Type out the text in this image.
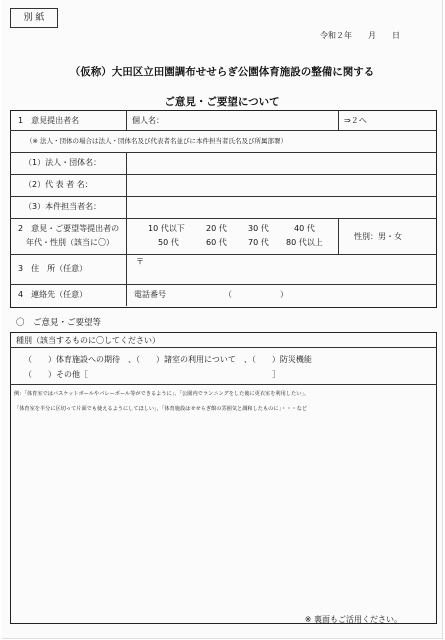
別 紙
令和２年　　月　　日
（仮称）大田区立田園調布せせらぎ公園体育施設の整備に関する
ご意見・ご要望について
1　意見提出者名	個人名：	⇒２へ
（※ 法人・団体の場合は法人・団体名及び代表者名並びに本件担当者氏名及び所属部署）
（1）法人・団体名：
（2）代 表 者 名：
（3）本件担当者名：
2　意見・ご要望等提出者の
年代・性別（該当に〇）
10 代以下	20 代	30 代	40 代
50 代	60 代	70 代 80 代以上
性別：男・女
3　住　所（任意）
〒
4　連絡先（任意）	電話番号	（　　　　　　）
〇　ご意見・ご要望等
種別（該当するものに〇してください）
（　　）体育施設への期待　、（　　）諸室の利用について　、（　　）防災機能
（　　）その他［　　　　　　　　　　　　　　　　　　　　　　　］
例：「体育室ではバスケットボールやバレーボール等ができるように」、「公園内でランニングをした後に更衣室を利用したい」、
「体育室を半分に区切って片面でも使えるようにしてほしい」、「体育施設はせせらぎ館の雰囲気と調和したものに」・・・など
※ 裏面もご活用ください。
